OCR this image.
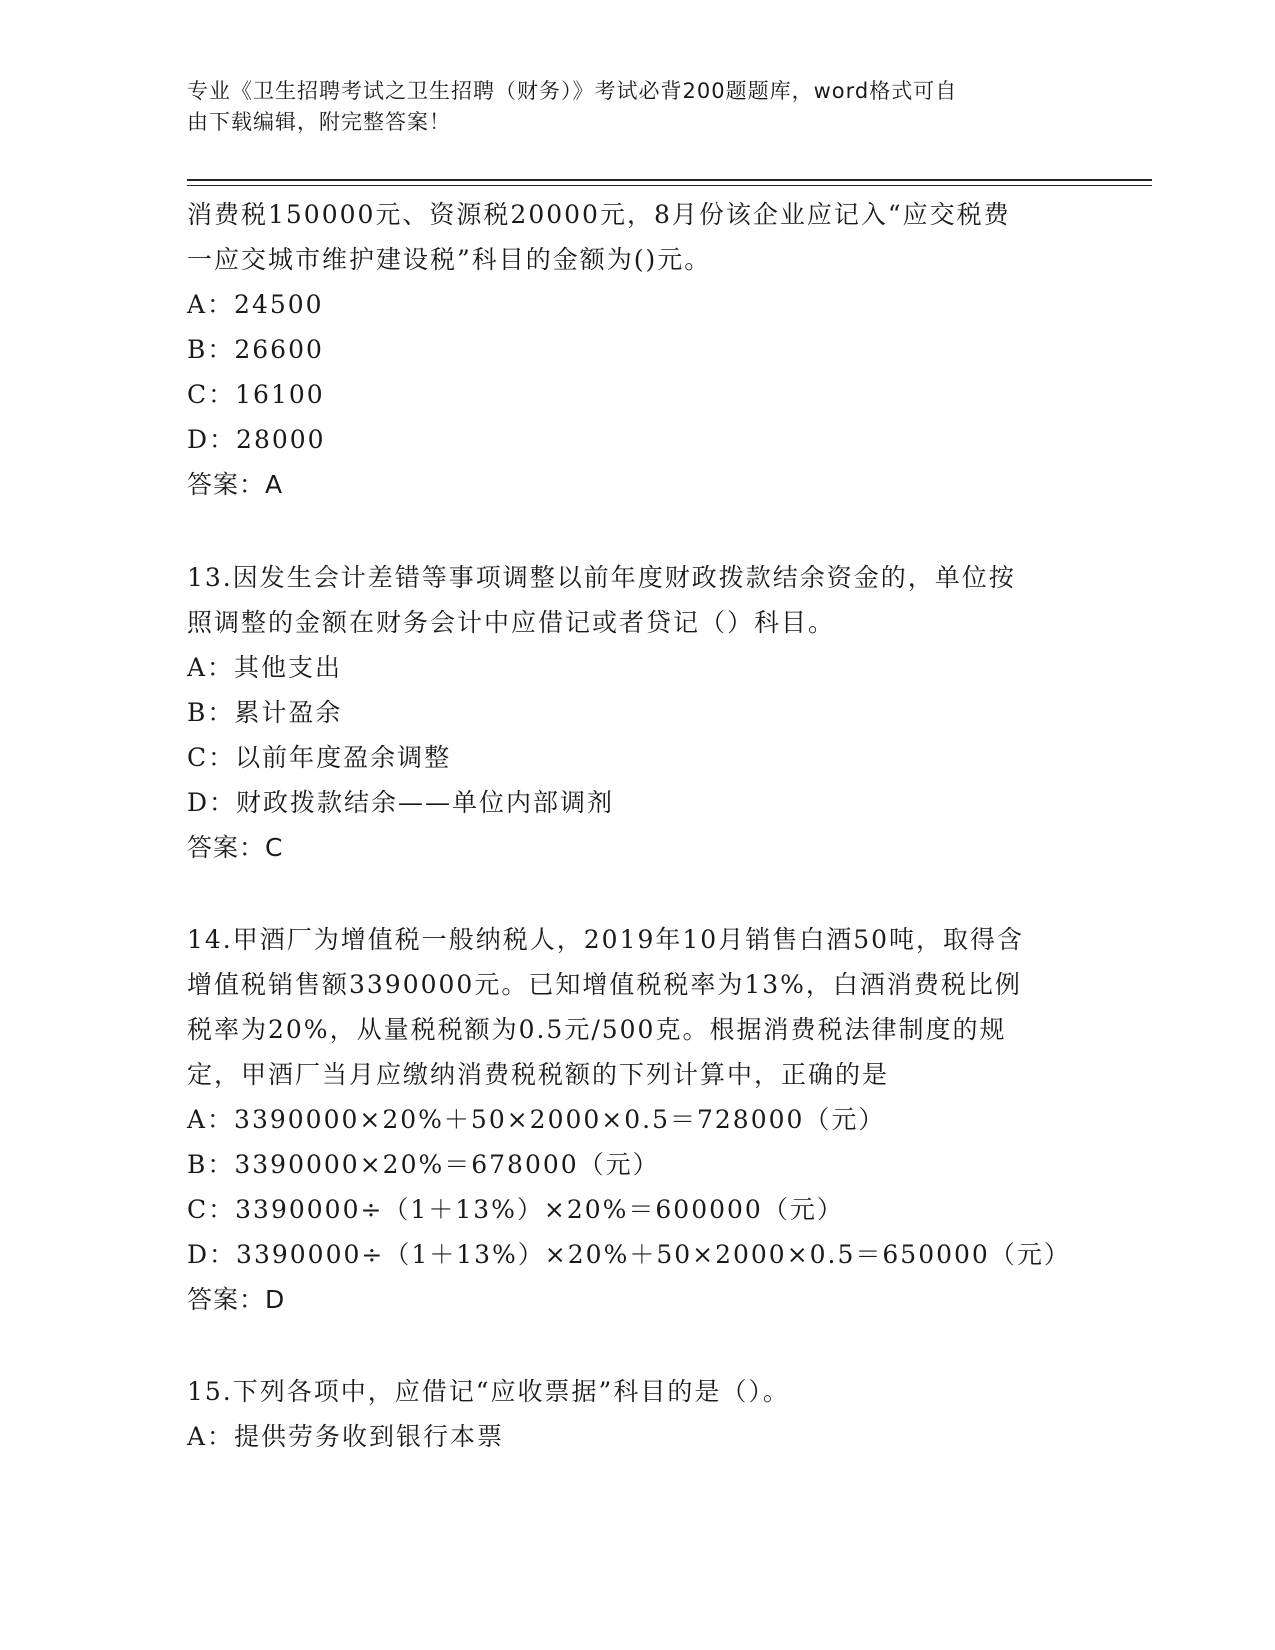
专业《卫生招聘考试之卫生招聘（财务）》考试必背200题题库，word格式可自
由下载编辑，附完整答案！

消费税150000元、资源税20000元，8月份该企业应记入“应交税费

一应交城市维护建设税”科目的金额为()元。

A：24500

B：26600

C：16100

D：28000

答案：A

13.因发生会计差错等事项调整以前年度财政拨款结余资金的，单位按

照调整的金额在财务会计中应借记或者贷记（）科目。

A：其他支出

B：累计盈余

C：以前年度盈余调整

D：财政拨款结余——单位内部调剂

答案：C

14.甲酒厂为增值税一般纳税人，2019年10月销售白酒50吨，取得含

增值税销售额3390000元。已知增值税税率为13%，白酒消费税比例

税率为20%，从量税税额为0.5元/500克。根据消费税法律制度的规

定，甲酒厂当月应缴纳消费税税额的下列计算中，正确的是

A：3390000×20%＋50×2000×0.5＝728000（元）

B：3390000×20%＝678000（元）

C：3390000÷（1＋13%）×20%＝600000（元）

D：3390000÷（1＋13%）×20%＋50×2000×0.5＝650000（元）

答案：D

15.下列各项中，应借记“应收票据”科目的是（）。

A：提供劳务收到银行本票
